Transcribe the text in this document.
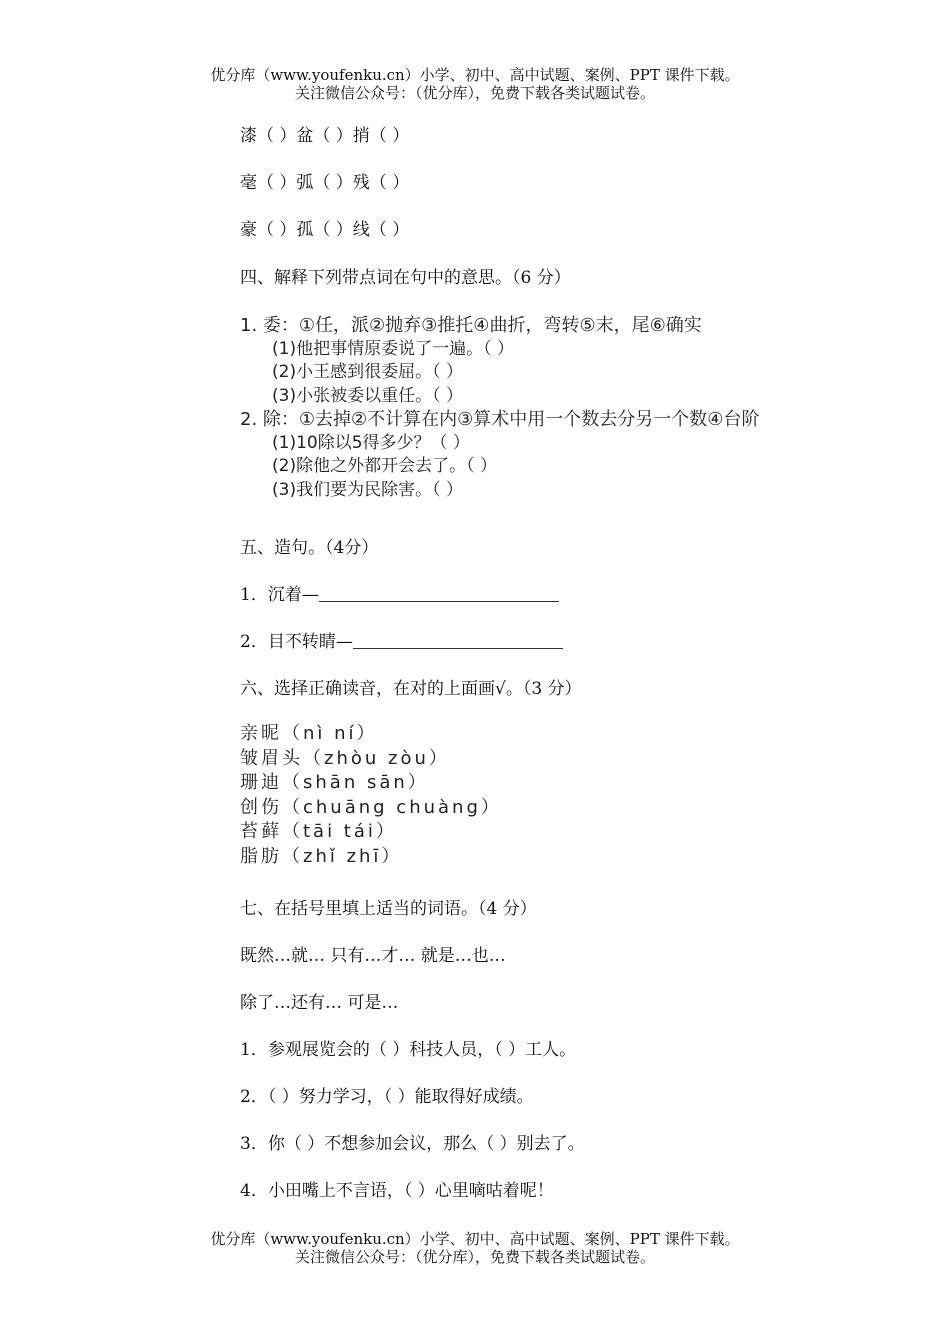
优分库（www.youfenku.cn）小学、初中、高中试题、案例、PPT 课件下载。
关注微信公众号：（优分库），免费下载各类试题试卷。
漆（ ）盆（ ）捎（ ）
毫（ ）弧（ ）残（ ）
豪（ ）孤（ ）线（ ）
四、解释下列带点词在句中的意思。（6 分）
1. 委：①任，派②抛弃③推托④曲折，弯转⑤末，尾⑥确实
(1)他把事情原委说了一遍。（ ）
(2)小王感到很委屈。（ ）
(3)小张被委以重任。（ ）
2. 除：①去掉②不计算在内③算术中用一个数去分另一个数④台阶
(1)10除以5得多少？（ ）
(2)除他之外都开会去了。（ ）
(3)我们要为民除害。（ ）
五、造句。（4分）
1．沉着—
2．目不转睛—
六、选择正确读音，在对的上面画√。（3 分）
亲昵（nì ní）
皱眉头（zhòu zòu）
珊迪（shān sān）
创伤（chuāng chuàng）
苔藓（tāi tái）
脂肪（zhǐ zhī）
七、在括号里填上适当的词语。（4 分）
既然…就… 只有…才… 就是…也…
除了…还有… 可是…
1．参观展览会的（ ）科技人员，（ ）工人。
2．（ ）努力学习，（ ）能取得好成绩。
3．你（ ）不想参加会议，那么（ ）别去了。
4．小田嘴上不言语，（ ）心里嘀咕着呢！
优分库（www.youfenku.cn）小学、初中、高中试题、案例、PPT 课件下载。
关注微信公众号：（优分库），免费下载各类试题试卷。
